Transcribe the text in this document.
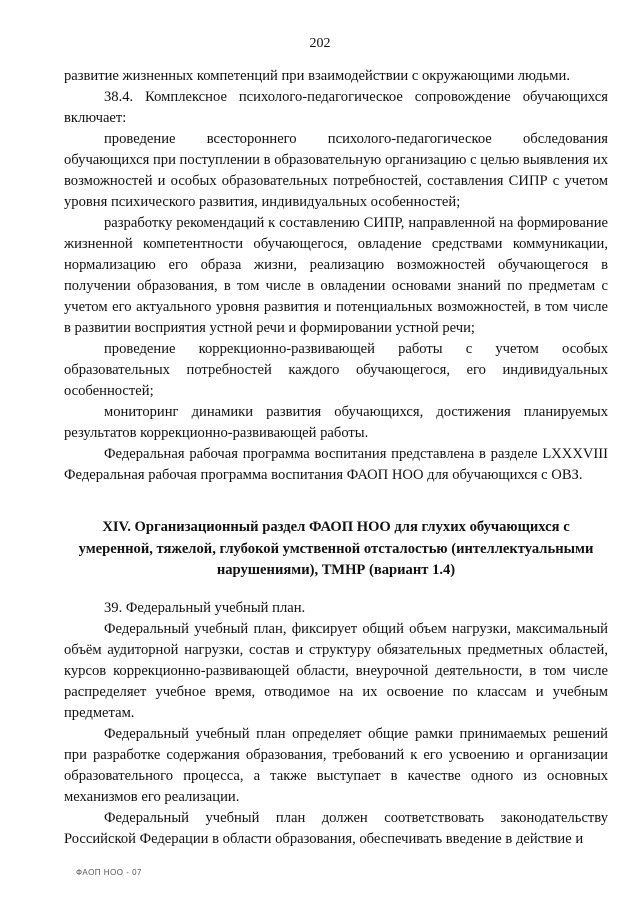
202

развитие жизненных компетенций при взаимодействии с окружающими людьми.

38.4. Комплексное психолого-педагогическое сопровождение обучающихся включает:

проведение всестороннего психолого-педагогическое обследования обучающихся при поступлении в образовательную организацию с целью выявления их возможностей и особых образовательных потребностей, составления СИПР с учетом уровня психического развития, индивидуальных особенностей;

разработку рекомендаций к составлению СИПР, направленной на формирование жизненной компетентности обучающегося, овладение средствами коммуникации, нормализацию его образа жизни, реализацию возможностей обучающегося в получении образования, в том числе в овладении основами знаний по предметам с учетом его актуального уровня развития и потенциальных возможностей, в том числе в развитии восприятия устной речи и формировании устной речи;

проведение коррекционно-развивающей работы с учетом особых образовательных потребностей каждого обучающегося, его индивидуальных особенностей;

мониторинг динамики развития обучающихся, достижения планируемых результатов коррекционно-развивающей работы.

Федеральная рабочая программа воспитания представлена в разделе LXXXVIII Федеральная рабочая программа воспитания ФАОП НОО для обучающихся с ОВЗ.

XIV. Организационный раздел ФАОП НОО для глухих обучающихся с умеренной, тяжелой, глубокой умственной отсталостью (интеллектуальными нарушениями), ТМНР (вариант 1.4)

39. Федеральный учебный план.

Федеральный учебный план, фиксирует общий объем нагрузки, максимальный объём аудиторной нагрузки, состав и структуру обязательных предметных областей, курсов коррекционно-развивающей области, внеурочной деятельности, в том числе распределяет учебное время, отводимое на их освоение по классам и учебным предметам.

Федеральный учебный план определяет общие рамки принимаемых решений при разработке содержания образования, требований к его усвоению и организации образовательного процесса, а также выступает в качестве одного из основных механизмов его реализации.

Федеральный учебный план должен соответствовать законодательству Российской Федерации в области образования, обеспечивать введение в действие и

ФАОП НОО - 07
